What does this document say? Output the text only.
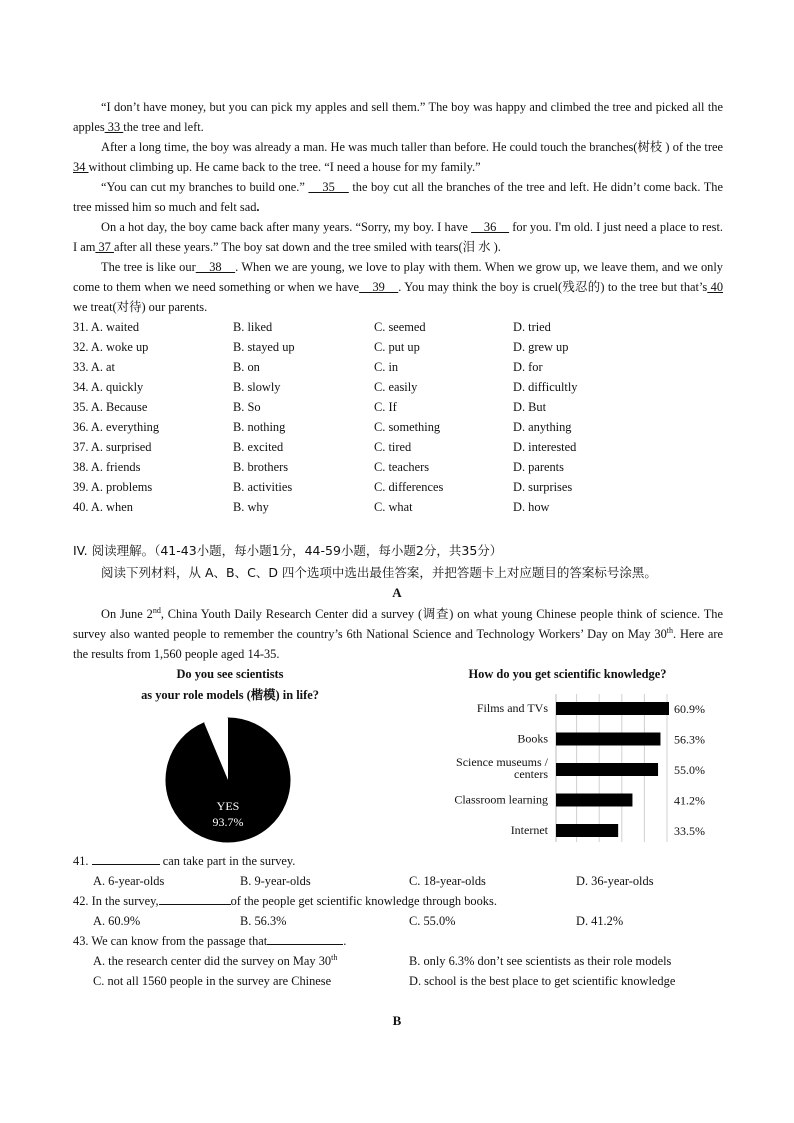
“I don’t have money, but you can pick my apples and sell them.” The boy was happy and climbed the tree and picked all the apples 33 the tree and left.
After a long time, the boy was already a man. He was much taller than before. He could touch the branches(树枝 ) of the tree 34 without climbing up. He came back to the tree. “I need a house for my family.”
“You can cut my branches to build one.”     35     the boy cut all the branches of the tree and left. He didn’t come back. The tree missed him so much and felt sad.
On a hot day, the boy came back after many years. “Sorry, my boy. I have     36     for you. I'm old. I just need a place to rest. I am 37 after all these years.” The boy sat down and the tree smiled with tears(泪 水 ).
The tree is like our    38    . When we are young, we love to play with them. When we grow up, we leave them, and we only come to them when we need something or when we have    39    . You may think the boy is cruel(残忍的) to the tree but that’s 40 we treat(对待) our parents.
31. A. waited	B. liked	C. seemed	D. tried
32. A. woke up	B. stayed up	C. put up	D. grew up
33. A. at	B. on	C. in	D. for
34. A. quickly	B. slowly	C. easily	D. difficultly
35. A. Because	B. So	C. If	D. But
36. A. everything	B. nothing	C. something	D. anything
37. A. surprised	B. excited	C. tired	D. interested
38. A. friends	B. brothers	C. teachers	D. parents
39. A. problems	B. activities	C. differences	D. surprises
40. A. when	B. why	C. what	D. how
IV. 阅读理解。（41-43小题，每小题1分，44-59小题，每小题2分，共35分）
阅读下列材料，从 A、B、C、D 四个选项中选出最佳答案，并把答题卡上对应题目的答案标号涂黑。
A
On June 2nd, China Youth Daily Research Center did a survey (调查) on what young Chinese people think of science. The survey also wanted people to remember the country’s 6th National Science and Technology Workers’ Day on May 30th. Here are the results from 1,560 people aged 14-35.
Do you see scientists
as your role models (楷模) in life?
YES
93.7%
How do you get scientific knowledge?
Films and TVs	60.9%
Books	56.3%
Science museums /
centers	55.0%
Classroom learning	41.2%
Internet	33.5%
41.	can take part in the survey.
A. 6-year-olds	B. 9-year-olds	C. 18-year-olds	D. 36-year-olds
42. In the survey,	of the people get scientific knowledge through books.
A. 60.9%	B. 56.3%	C. 55.0%	D. 41.2%
43. We can know from the passage that	.
A. the research center did the survey on May 30th	B. only 6.3% don’t see scientists as their role models
C. not all 1560 people in the survey are Chinese	D. school is the best place to get scientific knowledge
B
